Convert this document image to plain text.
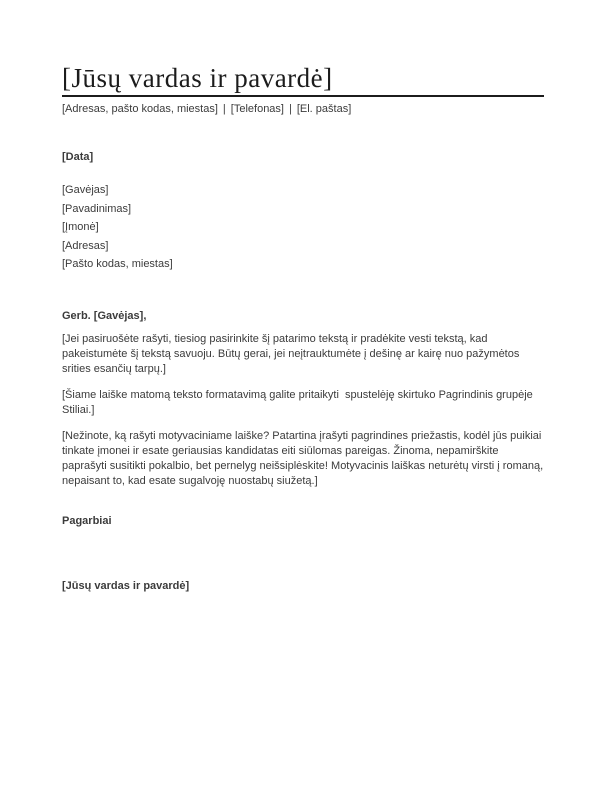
[Jūsų vardas ir pavardė]
[Adresas, pašto kodas, miestas] | [Telefonas] | [El. paštas]
[Data]
[Gavėjas]
[Pavadinimas]
[Įmonė]
[Adresas]
[Pašto kodas, miestas]
Gerb. [Gavėjas],

[Jei pasiruošėte rašyti, tiesiog pasirinkite šį patarimo tekstą ir pradėkite vesti tekstą, kad pakeistumėte šį tekstą savuoju. Būtų gerai, jei neįtrauktumėte į dešinę ar kairę nuo pažymėtos srities esančių tarpų.]

[Šiame laiške matomą teksto formatavimą galite pritaikyti  spustelėję skirtuko Pagrindinis grupėje Stiliai.]

[Nežinote, ką rašyti motyvaciniame laiške? Patartina įrašyti pagrindines priežastis, kodėl jūs puikiai tinkate įmonei ir esate geriausias kandidatas eiti siūlomas pareigas. Žinoma, nepamirškite paprašyti susitikti pokalbio, bet pernelyg neišsiplėskite! Motyvacinis laiškas neturėtų virsti į romaną, nepaisant to, kad esate sugalvoję nuostabų siužetą.]

Pagarbiai
[Jūsų vardas ir pavardė]
